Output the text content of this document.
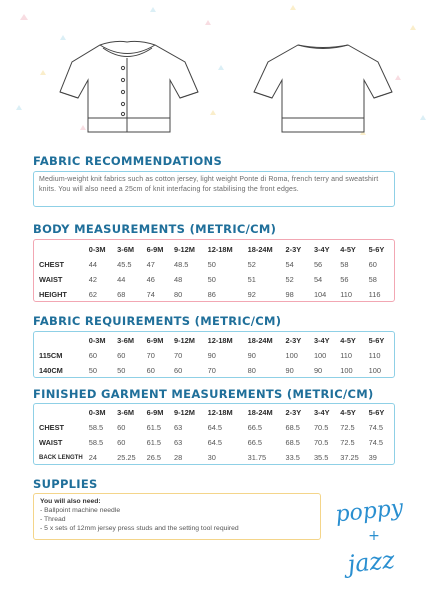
FABRIC RECOMMENDATIONS
Medium-weight knit fabrics such as cotton jersey, light weight Ponte di Roma, french terry and sweatshirt knits. You will also need a 25cm of knit interfacing for stabilising the front edges.
BODY MEASUREMENTS (METRIC/CM)
	0-3M	3-6M	6-9M	9-12M	12-18M	18-24M	2-3Y	3-4Y	4-5Y	5-6Y
CHEST	44	45.5	47	48.5	50	52	54	56	58	60
WAIST	42	44	46	48	50	51	52	54	56	58
HEIGHT	62	68	74	80	86	92	98	104	110	116
FABRIC REQUIREMENTS (METRIC/CM)
	0-3M	3-6M	6-9M	9-12M	12-18M	18-24M	2-3Y	3-4Y	4-5Y	5-6Y
115CM	60	60	70	70	90	90	100	100	110	110
140CM	50	50	60	60	70	80	90	90	100	100
FINISHED GARMENT MEASUREMENTS (METRIC/CM)
	0-3M	3-6M	6-9M	9-12M	12-18M	18-24M	2-3Y	3-4Y	4-5Y	5-6Y
CHEST	58.5	60	61.5	63	64.5	66.5	68.5	70.5	72.5	74.5
WAIST	58.5	60	61.5	63	64.5	66.5	68.5	70.5	72.5	74.5
BACK LENGTH	24	25.25	26.5	28	30	31.75	33.5	35.5	37.25	39
SUPPLIES
You will also need:
- Ballpoint machine needle
- Thread
- 5 x sets of 12mm jersey press studs and the setting tool required
poppy
+
jazz
